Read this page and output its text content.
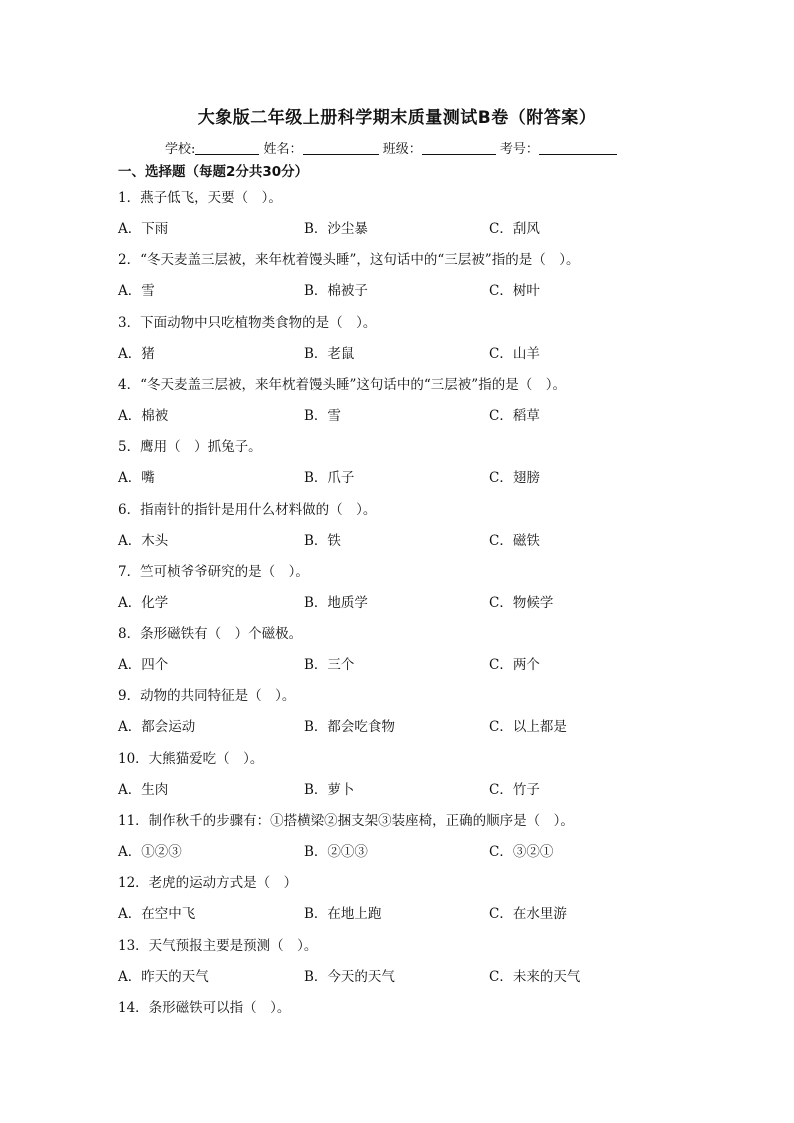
大象版二年级上册科学期末质量测试B卷（附答案）
学校:	姓名：	班级：	考号：
一、选择题（每题2分共30分）
1．燕子低飞，天要（　）。
A．下雨	B．沙尘暴	C．刮风
2．“冬天麦盖三层被，来年枕着馒头睡”，这句话中的“三层被”指的是（　）。
A．雪	B．棉被子	C．树叶
3．下面动物中只吃植物类食物的是（　）。
A．猪	B．老鼠	C．山羊
4．“冬天麦盖三层被，来年枕着馒头睡”这句话中的“三层被”指的是（　）。
A．棉被	B．雪	C．稻草
5．鹰用（　）抓兔子。
A．嘴	B．爪子	C．翅膀
6．指南针的指针是用什么材料做的（　）。
A．木头	B．铁	C．磁铁
7．竺可桢爷爷研究的是（　）。
A．化学	B．地质学	C．物候学
8．条形磁铁有（　）个磁极。
A．四个	B．三个	C．两个
9．动物的共同特征是（　）。
A．都会运动	B．都会吃食物	C．以上都是
10．大熊猫爱吃（　）。
A．生肉	B．萝卜	C．竹子
11．制作秋千的步骤有：①搭横梁②捆支架③装座椅，正确的顺序是（　）。
A．①②③	B．②①③	C．③②①
12．老虎的运动方式是（　）
A．在空中飞	B．在地上跑	C．在水里游
13．天气预报主要是预测（　）。
A．昨天的天气	B．今天的天气	C．未来的天气
14．条形磁铁可以指（　）。
